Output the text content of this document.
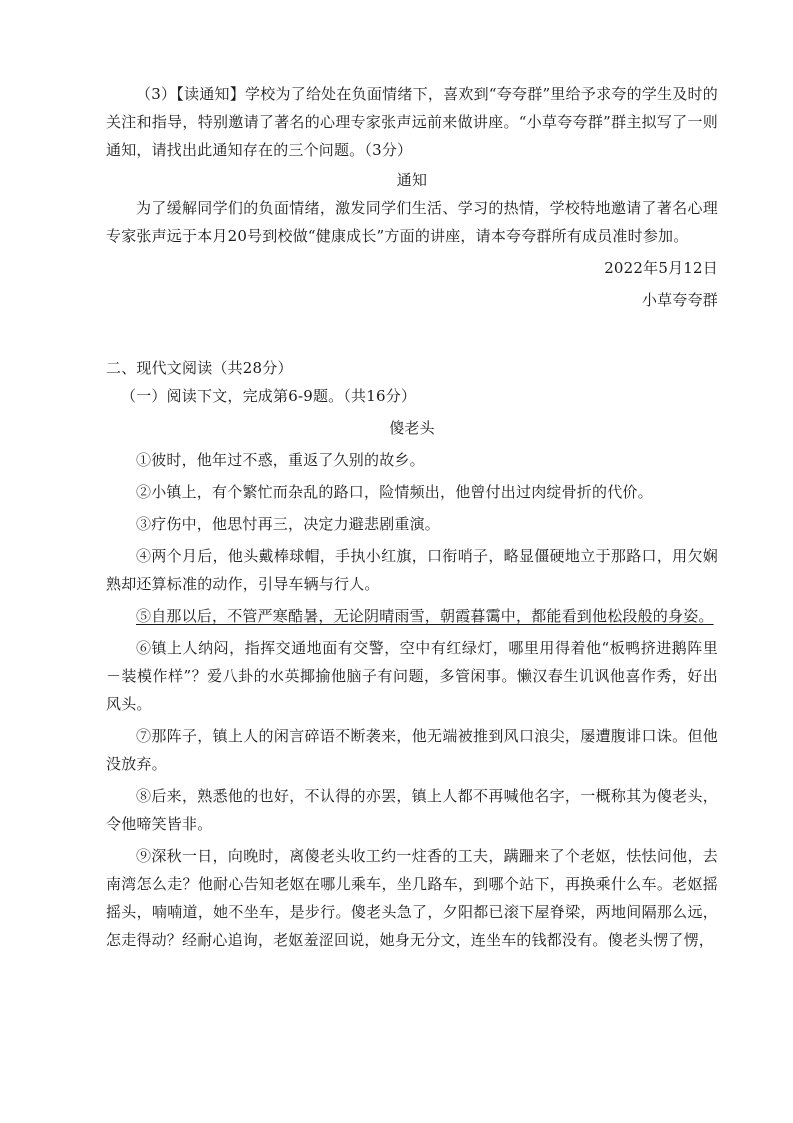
（3）【读通知】学校为了给处在负面情绪下，喜欢到“夸夸群”里给予求夸的学生及时的关注和指导，特别邀请了著名的心理专家张声远前来做讲座。“小草夸夸群”群主拟写了一则通知，请找出此通知存在的三个问题。（3分）

通知

为了缓解同学们的负面情绪，激发同学们生活、学习的热情，学校特地邀请了著名心理专家张声远于本月20号到校做“健康成长”方面的讲座，请本夸夸群所有成员准时参加。

2022年5月12日

小草夸夸群

二、现代文阅读（共28分）

（一）阅读下文，完成第6-9题。（共16分）

傻老头

①彼时，他年过不惑，重返了久别的故乡。

②小镇上，有个繁忙而杂乱的路口，险情频出，他曾付出过肉绽骨折的代价。

③疗伤中，他思忖再三，决定力避悲剧重演。

④两个月后，他头戴棒球帽，手执小红旗，口衔哨子，略显僵硬地立于那路口，用欠娴熟却还算标准的动作，引导车辆与行人。

⑤自那以后，不管严寒酷暑，无论阴晴雨雪，朝霞暮霭中，都能看到他松段般的身姿。

⑥镇上人纳闷，指挥交通地面有交警，空中有红绿灯，哪里用得着他“板鸭挤进鹅阵里－装模作样”？爱八卦的水英揶揄他脑子有问题，多管闲事。懒汉春生讥讽他喜作秀，好出风头。

⑦那阵子，镇上人的闲言碎语不断袭来，他无端被推到风口浪尖，屡遭腹诽口诛。但他没放弃。

⑧后来，熟悉他的也好，不认得的亦罢，镇上人都不再喊他名字，一概称其为傻老头，令他啼笑皆非。

⑨深秋一日，向晚时，离傻老头收工约一炷香的工夫，蹒跚来了个老妪，怯怯问他，去南湾怎么走？他耐心告知老妪在哪儿乘车，坐几路车，到哪个站下，再换乘什么车。老妪摇摇头，喃喃道，她不坐车，是步行。傻老头急了，夕阳都已滚下屋脊梁，两地间隔那么远，怎走得动？经耐心追询，老妪羞涩回说，她身无分文，连坐车的钱都没有。傻老头愣了愣，
